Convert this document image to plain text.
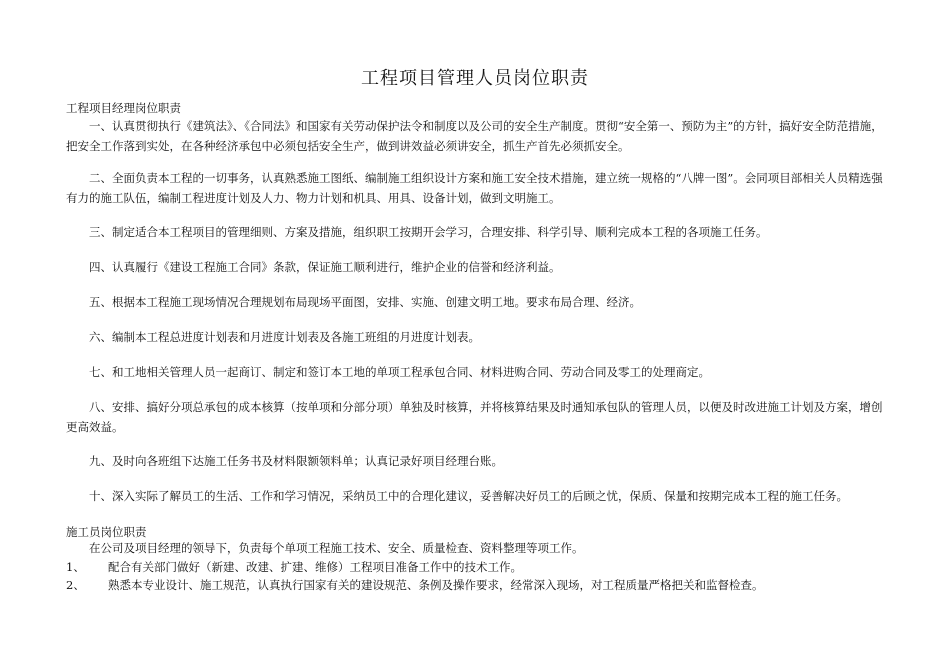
工程项目管理人员岗位职责
工程项目经理岗位职责
一、认真贯彻执行《建筑法》、《合同法》和国家有关劳动保护法令和制度以及公司的安全生产制度。贯彻“安全第一、预防为主”的方针，搞好安全防范措施，把安全工作落到实处，在各种经济承包中必须包括安全生产，做到讲效益必须讲安全，抓生产首先必须抓安全。
二、全面负责本工程的一切事务，认真熟悉施工图纸、编制施工组织设计方案和施工安全技术措施，建立统一规格的“八牌一图”。会同项目部相关人员精选强有力的施工队伍，编制工程进度计划及人力、物力计划和机具、用具、设备计划，做到文明施工。
三、制定适合本工程项目的管理细则、方案及措施，组织职工按期开会学习，合理安排、科学引导、顺利完成本工程的各项施工任务。
四、认真履行《建设工程施工合同》条款，保证施工顺利进行，维护企业的信誉和经济利益。
五、根据本工程施工现场情况合理规划布局现场平面图，安排、实施、创建文明工地。要求布局合理、经济。
六、编制本工程总进度计划表和月进度计划表及各施工班组的月进度计划表。
七、和工地相关管理人员一起商订、制定和签订本工地的单项工程承包合同、材料进购合同、劳动合同及零工的处理商定。
八、安排、搞好分项总承包的成本核算（按单项和分部分项）单独及时核算，并将核算结果及时通知承包队的管理人员，以便及时改进施工计划及方案，增创更高效益。
九、及时向各班组下达施工任务书及材料限额领料单；认真记录好项目经理台账。
十、深入实际了解员工的生活、工作和学习情况，采纳员工中的合理化建议，妥善解决好员工的后顾之忧，保质、保量和按期完成本工程的施工任务。
施工员岗位职责
在公司及项目经理的领导下，负责每个单项工程施工技术、安全、质量检查、资料整理等项工作。
1、 配合有关部门做好（新建、改建、扩建、维修）工程项目准备工作中的技术工作。
2、 熟悉本专业设计、施工规范，认真执行国家有关的建设规范、条例及操作要求，经常深入现场，对工程质量严格把关和监督检查。
